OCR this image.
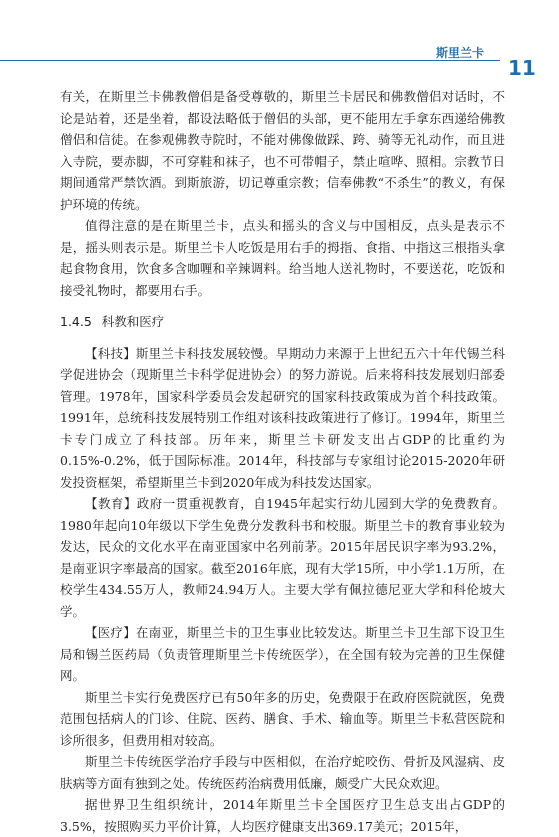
斯里兰卡
11

有关，在斯里兰卡佛教僧侣是备受尊敬的，斯里兰卡居民和佛教僧侣对话时，不论是站着，还是坐着，都设法略低于僧侣的头部，更不能用左手拿东西递给佛教僧侣和信徒。在参观佛教寺院时，不能对佛像做踩、跨、骑等无礼动作，而且进入寺院，要赤脚，不可穿鞋和袜子，也不可带帽子，禁止喧哗、照相。宗教节日期间通常严禁饮酒。到斯旅游，切记尊重宗教；信奉佛教“不杀生”的教义，有保护环境的传统。

值得注意的是在斯里兰卡，点头和摇头的含义与中国相反，点头是表示不是，摇头则表示是。斯里兰卡人吃饭是用右手的拇指、食指、中指这三根指头拿起食物食用，饮食多含咖喱和辛辣调料。给当地人送礼物时，不要送花，吃饭和接受礼物时，都要用右手。

1.4.5 科教和医疗

【科技】斯里兰卡科技发展较慢。早期动力来源于上世纪五六十年代锡兰科学促进协会（现斯里兰卡科学促进协会）的努力游说。后来将科技发展划归部委管理。1978年，国家科学委员会发起研究的国家科技政策成为首个科技政策。1991年，总统科技发展特别工作组对该科技政策进行了修订。1994年，斯里兰卡专门成立了科技部。历年来，斯里兰卡研发支出占GDP的比重约为0.15%-0.2%，低于国际标准。2014年，科技部与专家组讨论2015-2020年研发投资框架，希望斯里兰卡到2020年成为科技发达国家。

【教育】政府一贯重视教育，自1945年起实行幼儿园到大学的免费教育。1980年起向10年级以下学生免费分发教科书和校服。斯里兰卡的教育事业较为发达，民众的文化水平在南亚国家中名列前茅。2015年居民识字率为93.2%，是南亚识字率最高的国家。截至2016年底，现有大学15所，中小学1.1万所，在校学生434.55万人，教师24.94万人。主要大学有佩拉德尼亚大学和科伦坡大学。

【医疗】在南亚，斯里兰卡的卫生事业比较发达。斯里兰卡卫生部下设卫生局和锡兰医药局（负责管理斯里兰卡传统医学），在全国有较为完善的卫生保健网。

斯里兰卡实行免费医疗已有50年多的历史，免费限于在政府医院就医，免费范围包括病人的门诊、住院、医药、膳食、手术、输血等。斯里兰卡私营医院和诊所很多，但费用相对较高。

斯里兰卡传统医学治疗手段与中医相似，在治疗蛇咬伤、骨折及风湿病、皮肤病等方面有独到之处。传统医药治病费用低廉，颇受广大民众欢迎。

据世界卫生组织统计，2014年斯里兰卡全国医疗卫生总支出占GDP的3.5%，按照购买力平价计算，人均医疗健康支出369.17美元；2015年，
